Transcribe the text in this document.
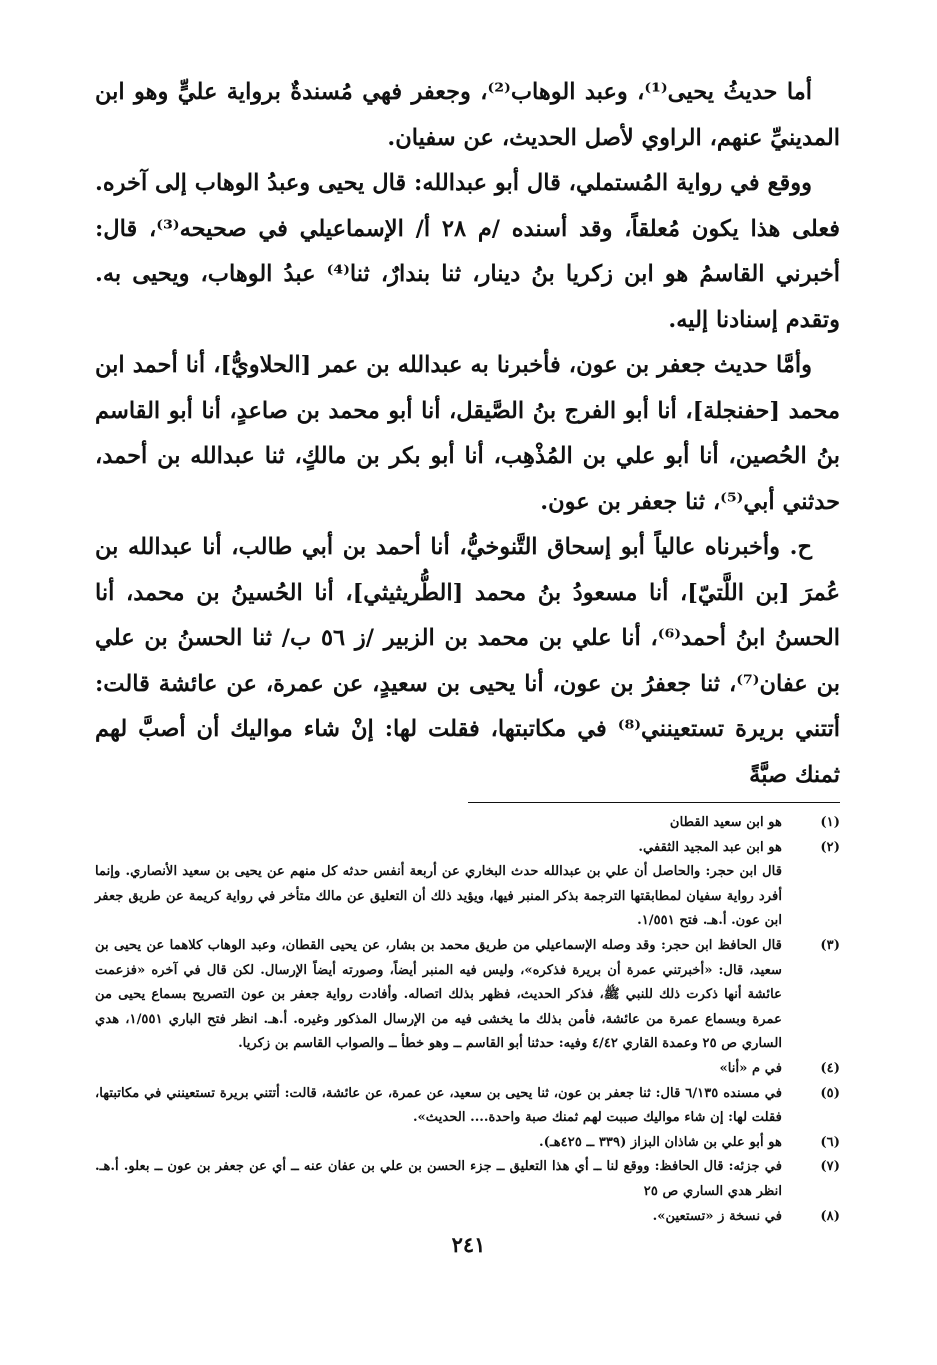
أما حديثُ يحيى⁽¹⁾، وعبد الوهاب⁽²⁾، وجعفر فهي مُسندةٌ برواية عليٍّ وهو ابن المدينيِّ عنهم، الراوي لأصل الحديث، عن سفيان.

ووقع في رواية المُستملي، قال أبو عبدالله: قال يحيى وعبدُ الوهاب إلى آخره. فعلى هذا يكون مُعلقاً، وقد أسنده /م ٢٨ أ/ الإسماعيلي في صحيحه⁽³⁾، قال: أخبرني القاسمُ هو ابن زكريا بنُ دينار، ثنا بندارٌ، ثنا⁽⁴⁾ عبدُ الوهاب، ويحيى به. وتقدم إسنادنا إليه.

وأمَّا حديث جعفر بن عون، فأخبرنا به عبدالله بن عمر [الحلاويُّ]، أنا أحمد ابن محمد [حفنجلة]، أنا أبو الفرج بنُ الصَّيقل، أنا أبو محمد بن صاعدٍ، أنا أبو القاسم بنُ الحُصين، أنا أبو علي بن المُذْهِب، أنا أبو بكر بن مالكٍ، ثنا عبدالله بن أحمد، حدثني أبي⁽⁵⁾، ثنا جعفر بن عون.

ح. وأخبرناه عالياً أبو إسحاق التَّنوخيُّ، أنا أحمد بن أبي طالب، أنا عبدالله بن عُمرَ [بن اللَّتيّ]، أنا مسعودُ بنُ محمد [الطُّريثيثي]، أنا الحُسينُ بن محمد، أنا الحسنُ ابنُ أحمد⁽⁶⁾، أنا علي بن محمد بن الزبير /ز ٥٦ ب/ ثنا الحسنُ بن علي بن عفان⁽⁷⁾، ثنا جعفرُ بن عون، أنا يحيى بن سعيدٍ، عن عمرة، عن عائشة قالت: أتتني بريرة تستعينني⁽⁸⁾ في مكاتبتها، فقلت لها: إنْ شاء مواليك أن أصبَّ لهم ثمنك صبَّةً

(١)
هو ابن سعيد القطان
(٢)
هو ابن عبد المجيد الثقفي.
قال ابن حجر: والحاصل أن علي بن عبدالله حدث البخاري عن أربعة أنفس حدثه كل منهم عن يحيى بن سعيد الأنصاري. وإنما أفرد رواية سفيان لمطابقتها الترجمة بذكر المنبر فيها، ويؤيد ذلك أن التعليق عن مالك متأخر في رواية كريمة عن طريق جعفر ابن عون. أ.هـ. فتح ١/٥٥١.
(٣)
قال الحافظ ابن حجر: وقد وصله الإسماعيلي من طريق محمد بن بشار، عن يحيى القطان، وعبد الوهاب كلاهما عن يحيى بن سعيد، قال: «أخبرتني عمرة أن بريرة فذكره»، وليس فيه المنبر أيضاً، وصورته أيضاً الإرسال. لكن قال في آخره «فزعمت عائشة أنها ذكرت ذلك للنبي ﷺ، فذكر الحديث، فظهر بذلك اتصاله. وأفادت رواية جعفر بن عون التصريح بسماع يحيى من عمرة وبسماع عمرة من عائشة، فأمن بذلك ما يخشى فيه من الإرسال المذكور وغيره. أ.هـ. انظر فتح الباري ١/٥٥١، هدي الساري ص ٢٥ وعمدة القاري ٤/٤٢ وفيه: حدثنا أبو القاسم ــ وهو خطأ ــ والصواب القاسم بن زكريا.
(٤)
في م «أنا»
(٥)
في مسنده ٦/١٣٥ قال: ثنا جعفر بن عون، ثنا يحيى بن سعيد، عن عمرة، عن عائشة، قالت: أتتني بريرة تستعينني في مكاتبتها، فقلت لها: إن شاء مواليك صببت لهم ثمنك صبة واحدة.... الحديث».
(٦)
هو أبو علي بن شاذان البزاز (٣٣٩ ــ ٤٢٥هـ).
(٧)
في جزئه: قال الحافظ: ووقع لنا ــ أي هذا التعليق ــ جزء الحسن بن علي بن عفان عنه ــ أي عن جعفر بن عون ــ بعلو. أ.هـ. انظر هدي الساري ص ٢٥
(٨)
في نسخة ز «تستعين».
٢٤١
